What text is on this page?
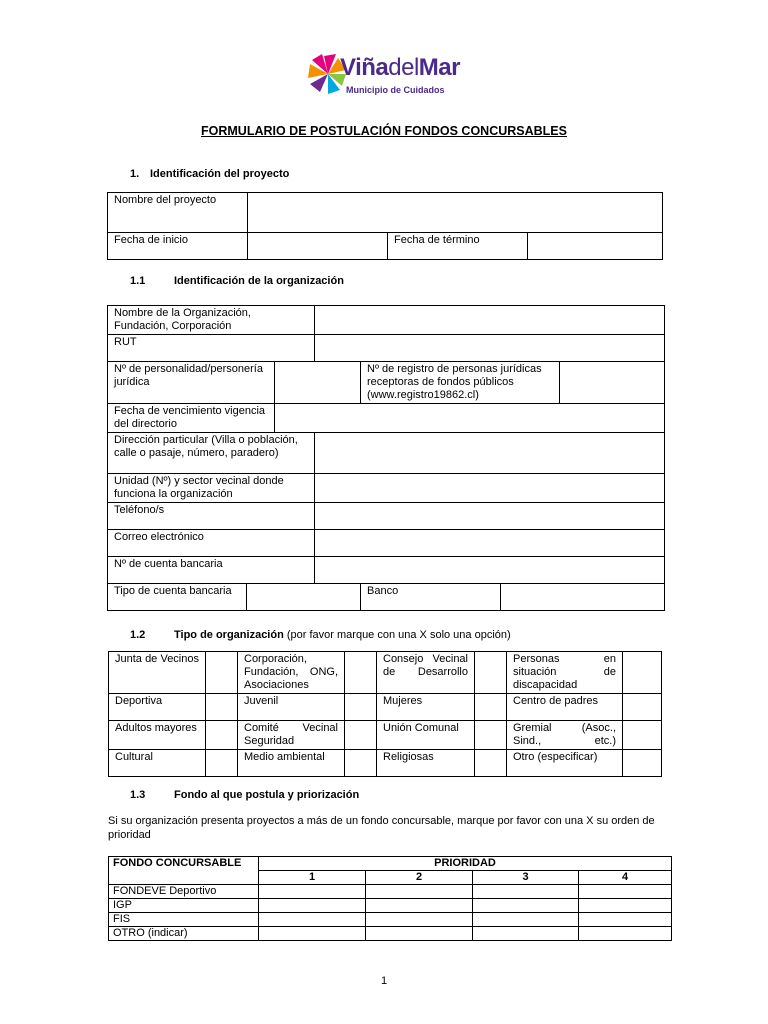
ViñadelMar
Municipio de Cuidados
FORMULARIO DE POSTULACIÓN FONDOS CONCURSABLES
1. Identificación del proyecto
Nombre del proyecto			
Fecha de inicio		Fecha de término	
1.1	Identificación de la organización
Nombre de la Organización, Fundación, Corporación						
RUT						
Nº de personalidad/personería jurídica				Nº de registro de personas jurídicas receptoras de fondos públicos (www.registro19862.cl)		
Fecha de vencimiento vigencia del directorio						
Dirección particular (Villa o población, calle o pasaje, número, paradero)						
Unidad (Nº) y sector vecinal donde funciona la organización						
Teléfono/s						
Correo electrónico						
Nº de cuenta bancaria						
Tipo de cuenta bancaria				Banco		
1.2	Tipo de organización (por favor marque con una X solo una opción)
Junta de Vecinos		Corporación, Fundación, ONG, Asociaciones		Consejo Vecinal de Desarrollo		Personas en situación de discapacidad	
Deportiva		Juvenil		Mujeres		Centro de padres	
Adultos mayores		Comité Vecinal Seguridad		Unión Comunal		Gremial (Asoc., Sind., etc.)	
Cultural		Medio ambiental		Religiosas		Otro (especificar)	
1.3	Fondo al que postula y priorización
Si su organización presenta proyectos a más de un fondo concursable, marque por favor con una X su orden de prioridad
FONDO CONCURSABLE	PRIORIDAD			
	1	2	3	4
FONDEVE Deportivo				
IGP				
FIS				
OTRO (indicar)				
1
